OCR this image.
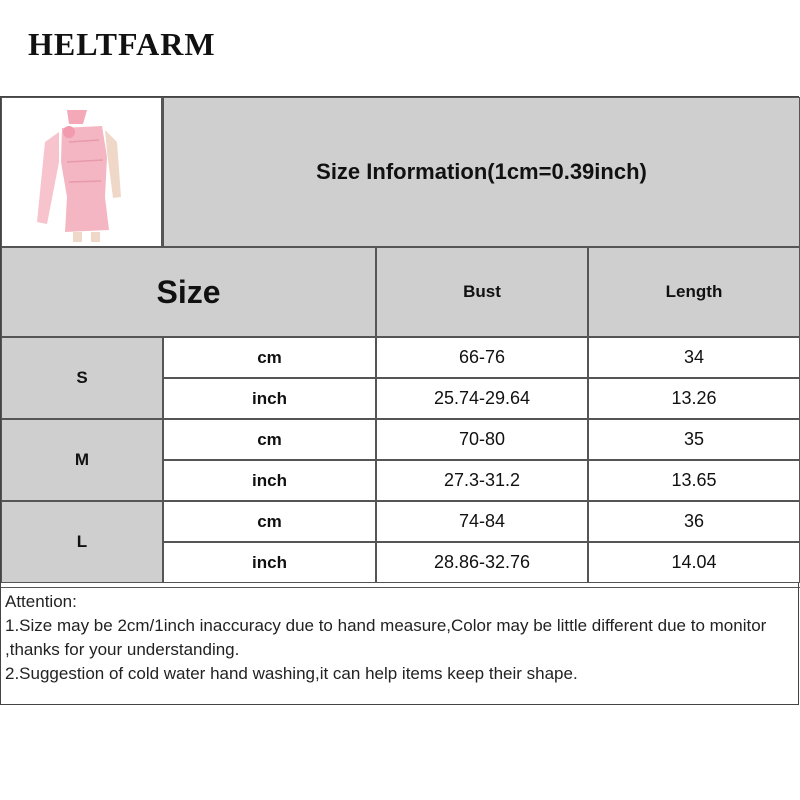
HELTFARM
Size Information(1cm=0.39inch)
Size	Bust	Length
S
cm	66-76	34
inch	25.74-29.64	13.26
M
cm	70-80	35
inch	27.3-31.2	13.65
L
cm	74-84	36
inch	28.86-32.76	14.04
Attention:
1.Size may be 2cm/1inch inaccuracy due to hand measure,Color may be little different due to monitor ,thanks for your understanding.
2.Suggestion of cold water hand washing,it can help items keep their shape.
